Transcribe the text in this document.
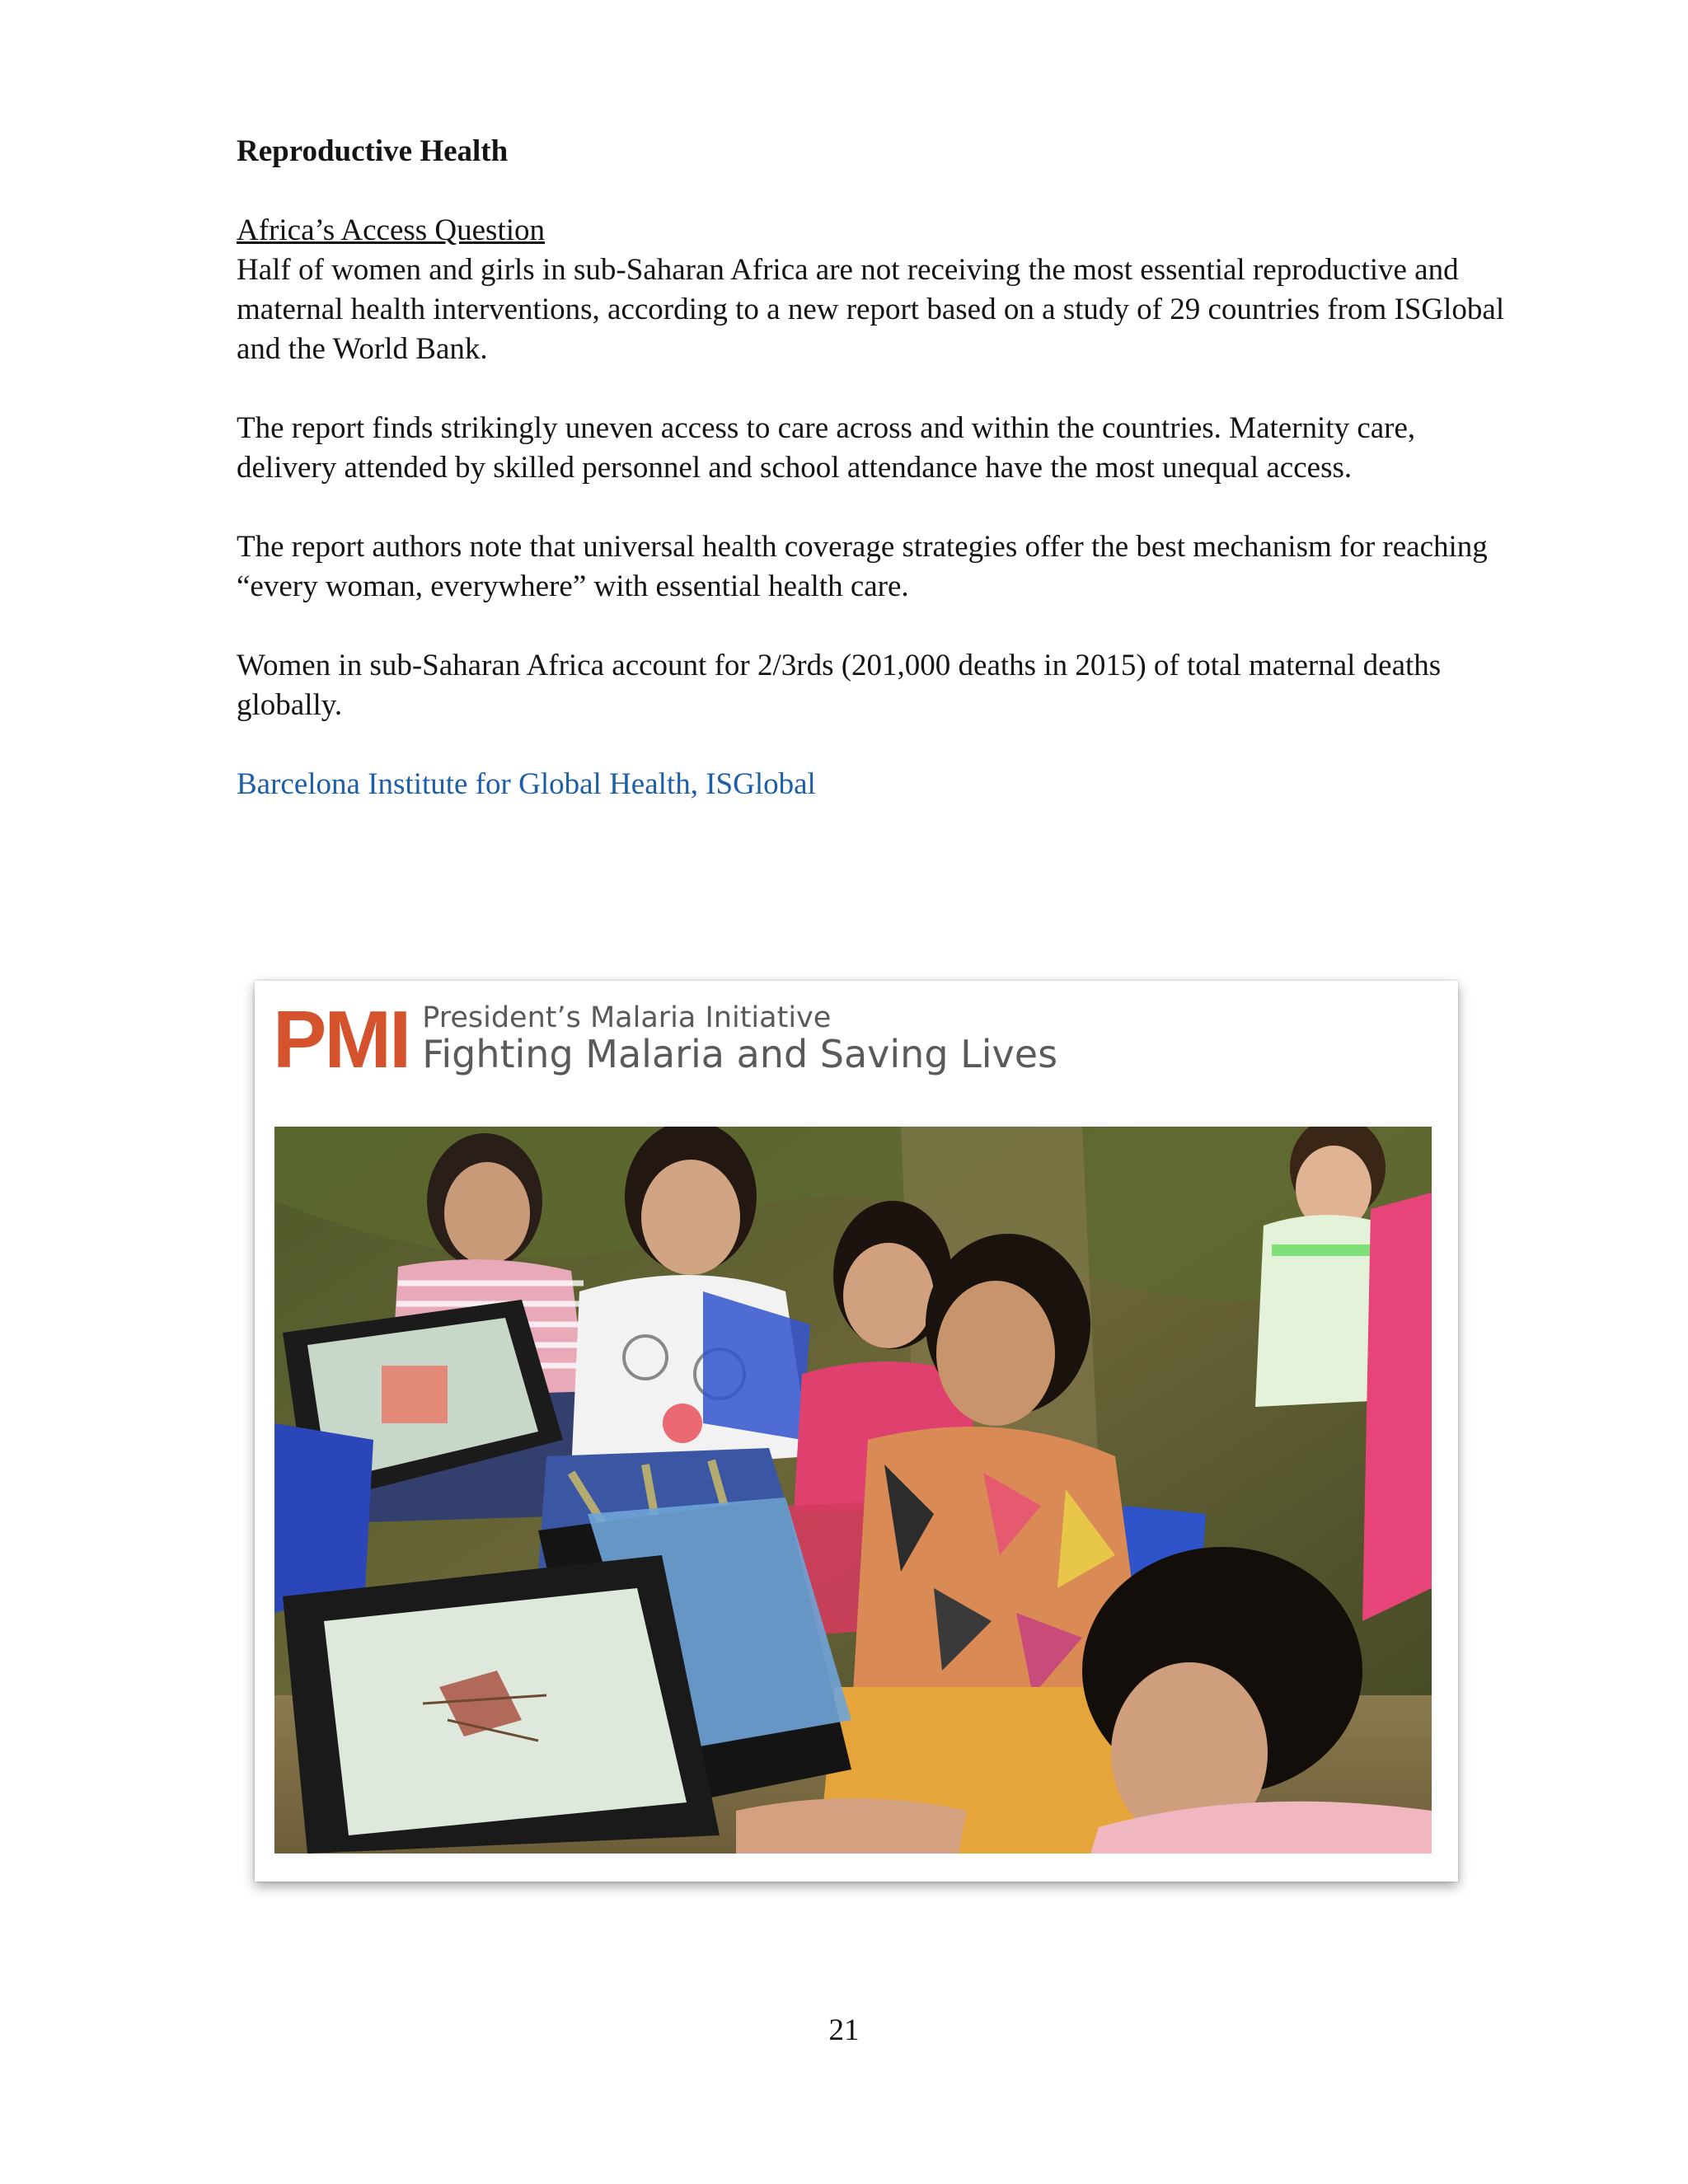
Reproductive Health

Africa’s Access Question

Half of women and girls in sub-Saharan Africa are not receiving the most essential reproductive and maternal health interventions, according to a new report based on a study of 29 countries from ISGlobal and the World Bank.

The report finds strikingly uneven access to care across and within the countries. Maternity care, delivery attended by skilled personnel and school attendance have the most unequal access.

The report authors note that universal health coverage strategies offer the best mechanism for reaching “every woman, everywhere” with essential health care.

Women in sub-Saharan Africa account for 2/3rds (201,000 deaths in 2015) of total maternal deaths globally.

Barcelona Institute for Global Health, ISGlobal
PMI President’s Malaria Initiative
Fighting Malaria and Saving Lives
21
